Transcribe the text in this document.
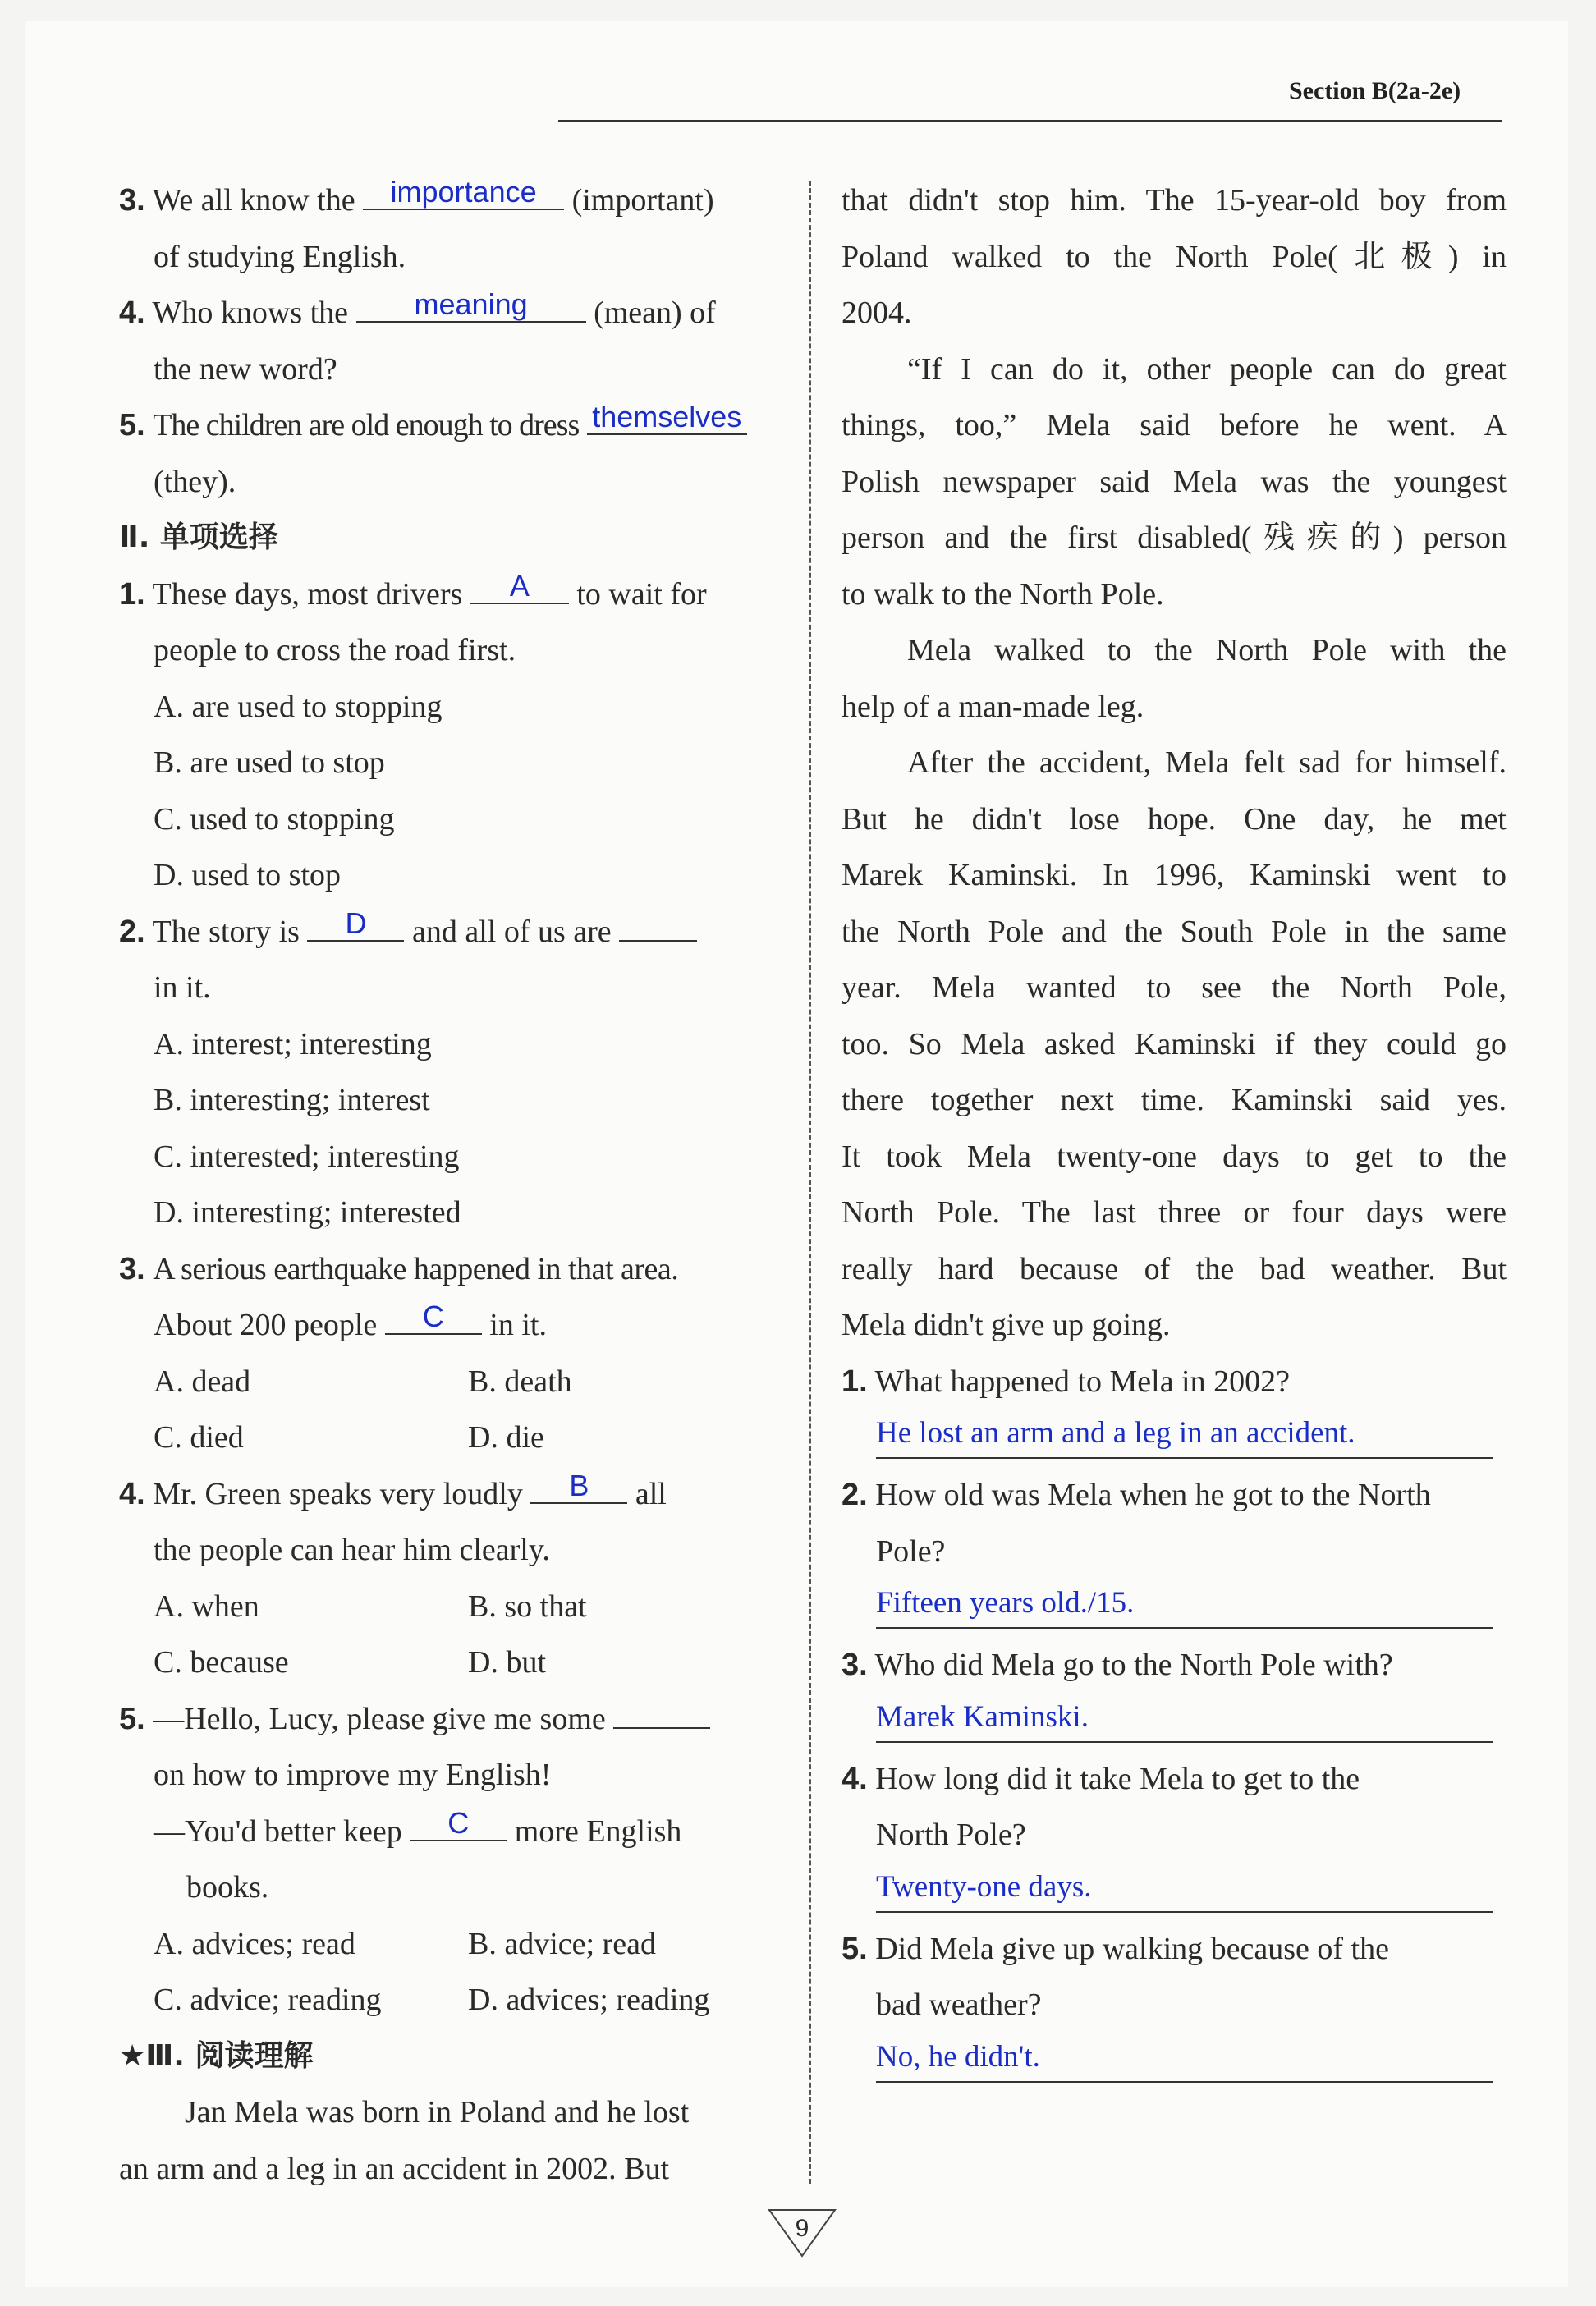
Section B(2a-2e)
3. We all know the	importance	(important)
of studying English.
4. Who knows the	meaning	(mean) of
the new word?
5. The children are old enough to dress themselves
(they).
Ⅱ. 单项选择
1. These days, most drivers	A	to wait for
people to cross the road first.
A. are used to stopping
B. are used to stop
C. used to stopping
D. used to stop
2. The story is	D	and all of us are
in it.
A. interest; interesting
B. interesting; interest
C. interested; interesting
D. interesting; interested
3. A serious earthquake happened in that area.
About 200 people	C	in it.
A. dead	B. death
C. died	D. die
4. Mr. Green speaks very loudly	B	all
the people can hear him clearly.
A. when	B. so that
C. because	D. but
5. —Hello, Lucy, please give me some
on how to improve my English!
—You'd better keep	C	more English
books.
A. advices; read	B. advice; read
C. advice; reading	D. advices; reading
★Ⅲ. 阅读理解
Jan Mela was born in Poland and he lost
an arm and a leg in an accident in 2002. But
that didn't stop him. The 15-year-old boy from
Poland walked to the North Pole(北极) in
2004.
“If I can do it, other people can do great
things, too,” Mela said before he went. A
Polish newspaper said Mela was the youngest
person and the first disabled(残疾的) person
to walk to the North Pole.
Mela walked to the North Pole with the
help of a man-made leg.
After the accident, Mela felt sad for himself.
But he didn't lose hope. One day, he met
Marek Kaminski. In 1996, Kaminski went to
the North Pole and the South Pole in the same
year. Mela wanted to see the North Pole,
too. So Mela asked Kaminski if they could go
there together next time. Kaminski said yes.
It took Mela twenty-one days to get to the
North Pole. The last three or four days were
really hard because of the bad weather. But
Mela didn't give up going.
1. What happened to Mela in 2002?
He lost an arm and a leg in an accident.
2. How old was Mela when he got to the North
Pole?
Fifteen years old./15.
3. Who did Mela go to the North Pole with?
Marek Kaminski.
4. How long did it take Mela to get to the
North Pole?
Twenty-one days.
5. Did Mela give up walking because of the
bad weather?
No, he didn't.
9
